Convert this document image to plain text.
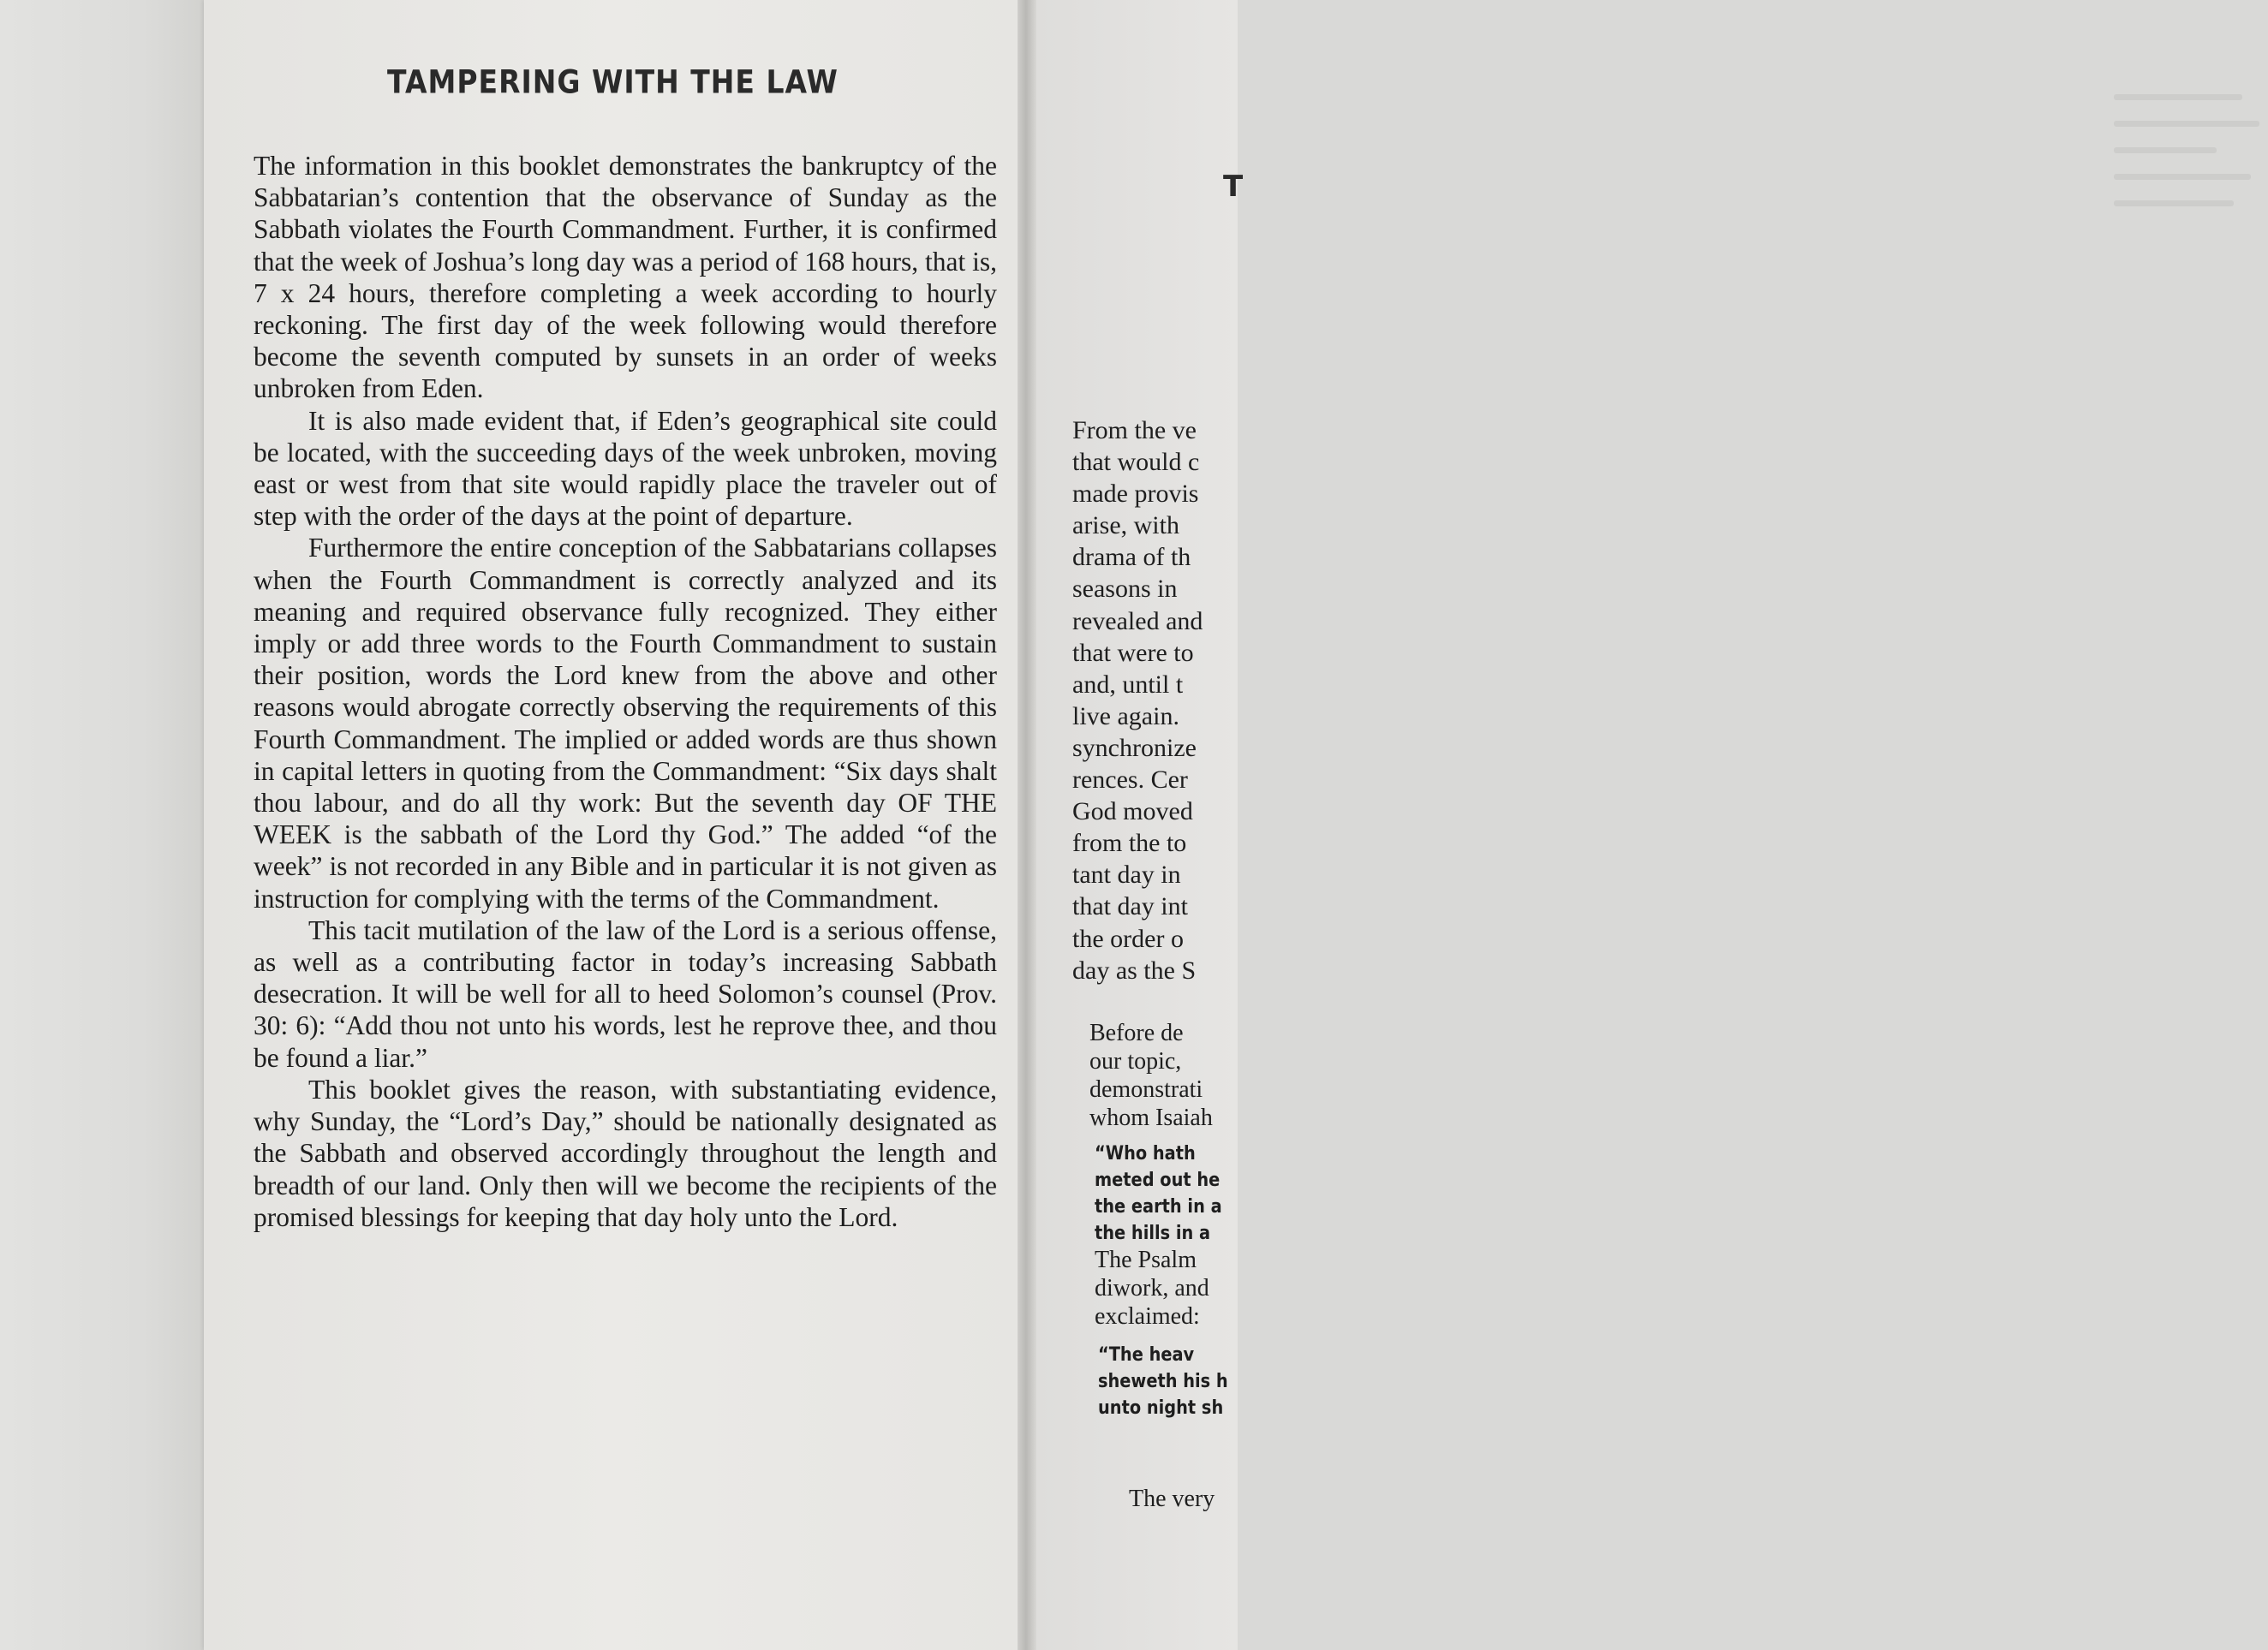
TAMPERING WITH THE LAW

The information in this booklet demonstrates the bankruptcy of the Sabbatarian’s contention that the observance of Sunday as the Sabbath violates the Fourth Commandment. Further, it is confirmed that the week of Joshua’s long day was a period of 168 hours, that is, 7 x 24 hours, therefore completing a week according to hourly reckoning. The first day of the week following would therefore become the seventh computed by sunsets in an order of weeks unbroken from Eden.

It is also made evident that, if Eden’s geographical site could be located, with the succeeding days of the week unbroken, moving east or west from that site would rapidly place the traveler out of step with the order of the days at the point of departure.

Furthermore the entire conception of the Sabbatarians collapses when the Fourth Commandment is correctly analyzed and its meaning and required observance fully recognized. They either imply or add three words to the Fourth Commandment to sustain their position, words the Lord knew from the above and other reasons would abrogate correctly observing the requirements of this Fourth Commandment. The implied or added words are thus shown in capital letters in quoting from the Commandment: “Six days shalt thou labour, and do all thy work: But the seventh day OF THE WEEK is the sabbath of the Lord thy God.” The added “of the week” is not recorded in any Bible and in particular it is not given as instruction for complying with the terms of the Commandment.

This tacit mutilation of the law of the Lord is a serious offense, as well as a contributing factor in today’s increasing Sabbath desecration. It will be well for all to heed Solomon’s counsel (Prov. 30: 6): “Add thou not unto his words, lest he reprove thee, and thou be found a liar.”

This booklet gives the reason, with substantiating evidence, why Sunday, the “Lord’s Day,” should be nationally designated as the Sabbath and observed accordingly throughout the length and breadth of our land. Only then will we become the recipients of the promised blessings for keeping that day holy unto the Lord.

T
From the ve
that would c
made provis
arise, with
drama of th
seasons in
revealed and
that were to
and, until t
live again.
synchronize
rences. Cer
God moved
from the to
tant day in
that day int
the order o
day as the S
Before de
our topic,
demonstrati
whom Isaiah
“Who hath
meted out he
the earth in a
the hills in a
The Psalm
diwork, and
exclaimed:
“The heav
sheweth his h
unto night sh
The very
